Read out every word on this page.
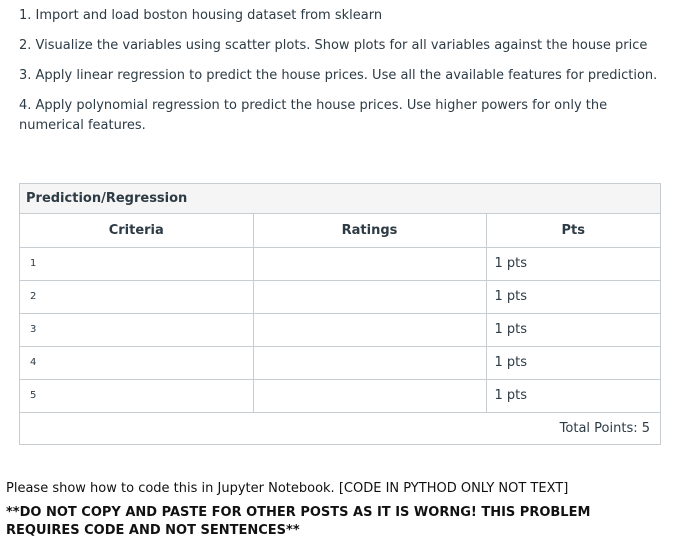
1. Import and load boston housing dataset from sklearn

2. Visualize the variables using scatter plots. Show plots for all variables against the house price

3. Apply linear regression to predict the house prices. Use all the available features for prediction.

4. Apply polynomial regression to predict the house prices. Use higher powers for only the numerical features.

Prediction/Regression
Criteria	Ratings	Pts
1		1 pts
2		1 pts
3		1 pts
4		1 pts
5		1 pts
Total Points: 5		

Please show how to code this in Jupyter Notebook. [CODE IN PYTHOD ONLY NOT TEXT]

**DO NOT COPY AND PASTE FOR OTHER POSTS AS IT IS WORNG! THIS PROBLEM REQUIRES CODE AND NOT SENTENCES**
